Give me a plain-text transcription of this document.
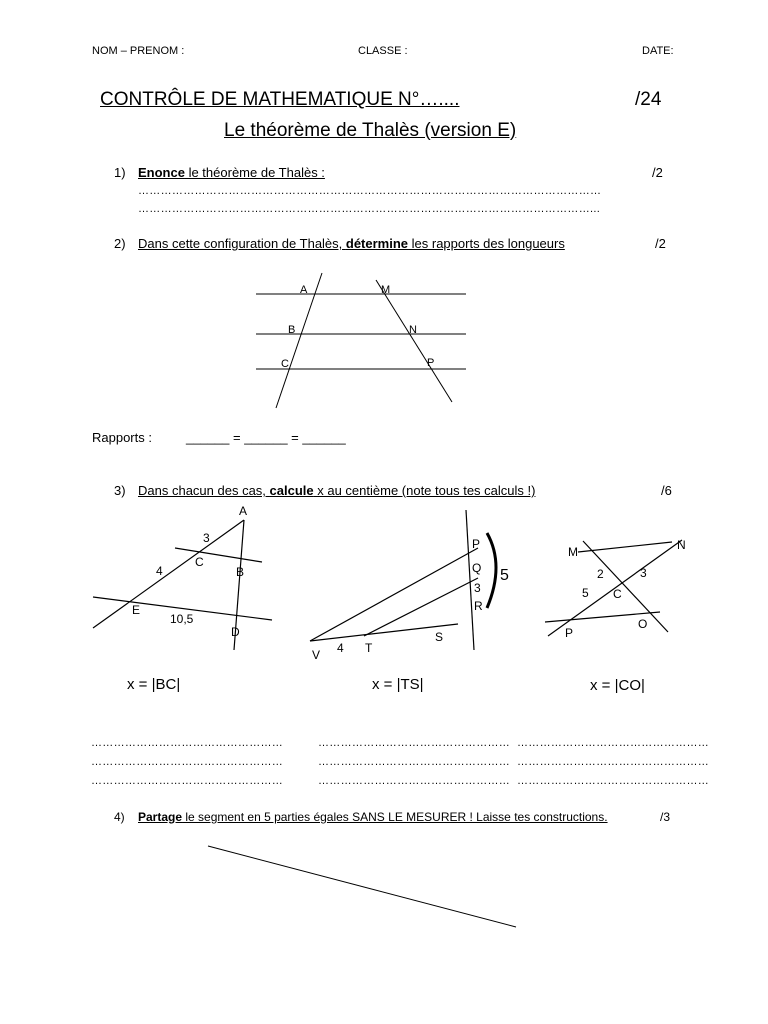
NOM – PRENOM :	CLASSE :	DATE:
CONTRÔLE DE MATHEMATIQUE N°…....	/24
Le théorème de Thalès (version E)
1) Enonce le théorème de Thalès :	/2
……………………………………………………………………………………………………………
…………………………………………………………………………………………………………...
2) Dans cette configuration de Thalès, détermine les rapports des longueurs	/2
A	M
B	N
C	P
A
3
C
B
4
E
10,5
D
P
Q
3
R
5
S
T
4
V
M	N
2	3
5 C
P
O
Rapports :	______ = ______ = ______
3) Dans chacun des cas, calcule x au centième (note tous tes calculs !)	/6
x = |BC|	x = |TS|	x = |CO|
……………………………………………
……………………………………………
……………………………………………
……………………………………………
……………………………………………
……………………………………………
……………………………………………
……………………………………………
……………………………………………
4) Partage le segment en 5 parties égales SANS LE MESURER ! Laisse tes constructions.	/3
